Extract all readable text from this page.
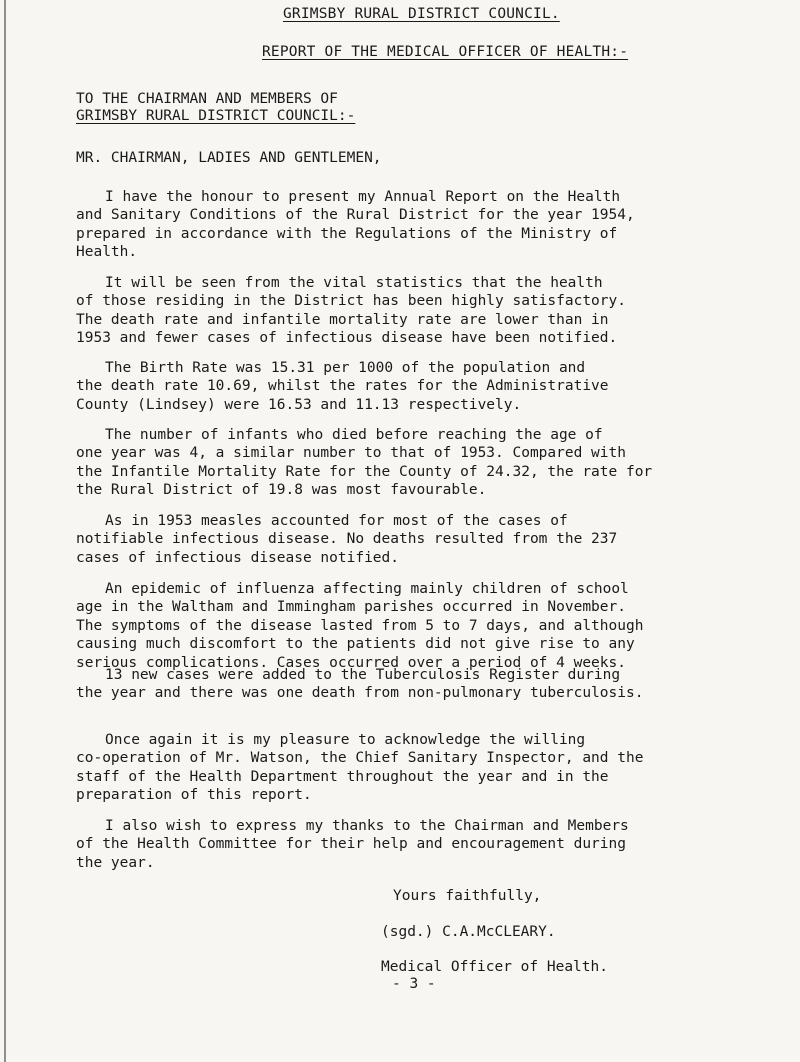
GRIMSBY RURAL DISTRICT COUNCIL.
REPORT OF THE MEDICAL OFFICER OF HEALTH:-
TO THE CHAIRMAN AND MEMBERS OF
GRIMSBY RURAL DISTRICT COUNCIL:-
MR. CHAIRMAN, LADIES AND GENTLEMEN,
I have the honour to present my Annual Report on the Health
and Sanitary Conditions of the Rural District for the year 1954,
prepared in accordance with the Regulations of the Ministry of
Health.
It will be seen from the vital statistics that the health
of those residing in the District has been highly satisfactory.
The death rate and infantile mortality rate are lower than in
1953 and fewer cases of infectious disease have been notified.
The Birth Rate was 15.31 per 1000 of the population and
the death rate 10.69, whilst the rates for the Administrative
County (Lindsey) were 16.53 and 11.13 respectively.
The number of infants who died before reaching the age of
one year was 4, a similar number to that of 1953. Compared with
the Infantile Mortality Rate for the County of 24.32, the rate for
the Rural District of 19.8 was most favourable.
As in 1953 measles accounted for most of the cases of
notifiable infectious disease. No deaths resulted from the 237
cases of infectious disease notified.
An epidemic of influenza affecting mainly children of school
age in the Waltham and Immingham parishes occurred in November.
The symptoms of the disease lasted from 5 to 7 days, and although
causing much discomfort to the patients did not give rise to any
serious complications. Cases occurred over a period of 4 weeks.
13 new cases were added to the Tuberculosis Register during
the year and there was one death from non-pulmonary tuberculosis.
Once again it is my pleasure to acknowledge the willing
co-operation of Mr. Watson, the Chief Sanitary Inspector, and the
staff of the Health Department throughout the year and in the
preparation of this report.
I also wish to express my thanks to the Chairman and Members
of the Health Committee for their help and encouragement during
the year.
Yours faithfully,
(sgd.) C.A.McCLEARY.
Medical Officer of Health.
- 3 -
